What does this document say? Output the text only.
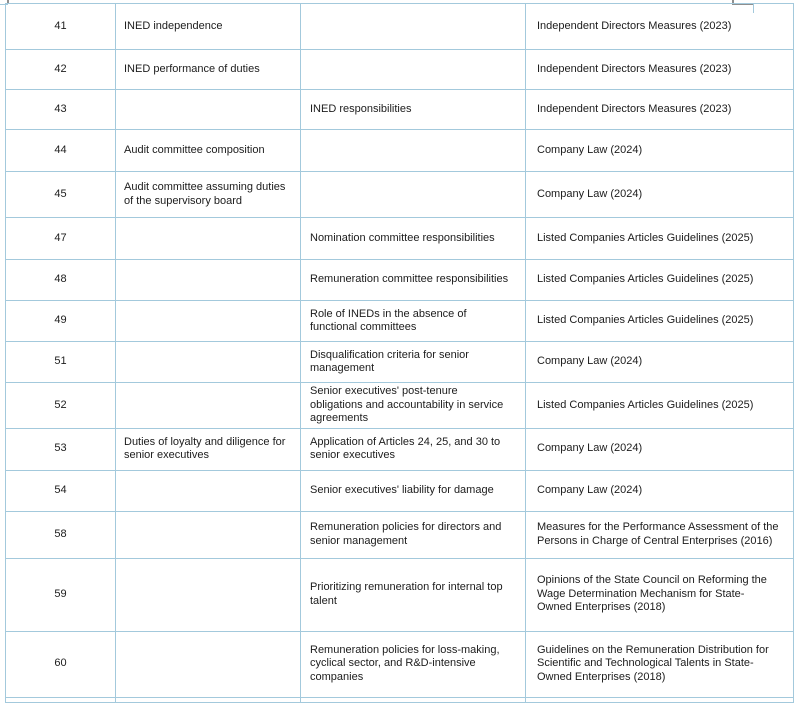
41	INED independence		Independent Directors Measures (2023)
42	INED performance of duties		Independent Directors Measures (2023)
43		INED responsibilities	Independent Directors Measures (2023)
44	Audit committee composition		Company Law (2024)
45	Audit committee assuming duties of the supervisory board		Company Law (2024)
47		Nomination committee responsibilities	Listed Companies Articles Guidelines (2025)
48		Remuneration committee responsibilities	Listed Companies Articles Guidelines (2025)
49		Role of INEDs in the absence of functional committees	Listed Companies Articles Guidelines (2025)
51		Disqualification criteria for senior management	Company Law (2024)
52		Senior executives' post-tenure obligations and accountability in service agreements	Listed Companies Articles Guidelines (2025)
53	Duties of loyalty and diligence for senior executives	Application of Articles 24, 25, and 30 to senior executives	Company Law (2024)
54		Senior executives' liability for damage	Company Law (2024)
58		Remuneration policies for directors and senior management	Measures for the Performance Assessment of the Persons in Charge of Central Enterprises (2016)
59		Prioritizing remuneration for internal top talent	Opinions of the State Council on Reforming the Wage Determination Mechanism for State-Owned Enterprises (2018)
60		Remuneration policies for loss-making, cyclical sector, and R&D-intensive companies	Guidelines on the Remuneration Distribution for Scientific and Technological Talents in State-Owned Enterprises (2018)
